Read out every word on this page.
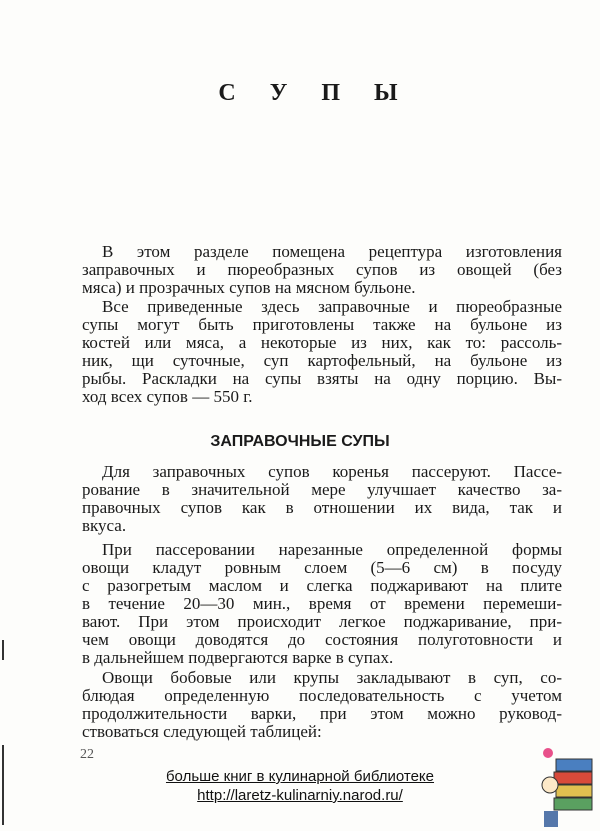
С У П Ы
В этом разделе помещена рецептура изготовления
заправочных и пюреобразных супов из овощей (без
мяса) и прозрачных супов на мясном бульоне.
Все приведенные здесь заправочные и пюреобразные
супы могут быть приготовлены также на бульоне из
костей или мяса, а некоторые из них, как то: рассоль-
ник, щи суточные, суп картофельный, на бульоне из
рыбы. Раскладки на супы взяты на одну порцию. Вы-
ход всех супов — 550 г.
ЗАПРАВОЧНЫЕ СУПЫ
Для заправочных супов коренья пассеруют. Пассе-
рование в значительной мере улучшает качество за-
правочных супов как в отношении их вида, так и
вкуса.
При пассеровании нарезанные определенной формы
овощи кладут ровным слоем (5—6 см) в посуду
с разогретым маслом и слегка поджаривают на плите
в течение 20—30 мин., время от времени перемеши-
вают. При этом происходит легкое поджаривание, при-
чем овощи доводятся до состояния полуготовности и
в дальнейшем подвергаются варке в супах.
Овощи бобовые или крупы закладывают в суп, со-
блюдая определенную последовательность с учетом
продолжительности варки, при этом можно руковод-
ствоваться следующей таблицей:
22
больше книг в кулинарной библиотеке
http://laretz-kulinarniy.narod.ru/
